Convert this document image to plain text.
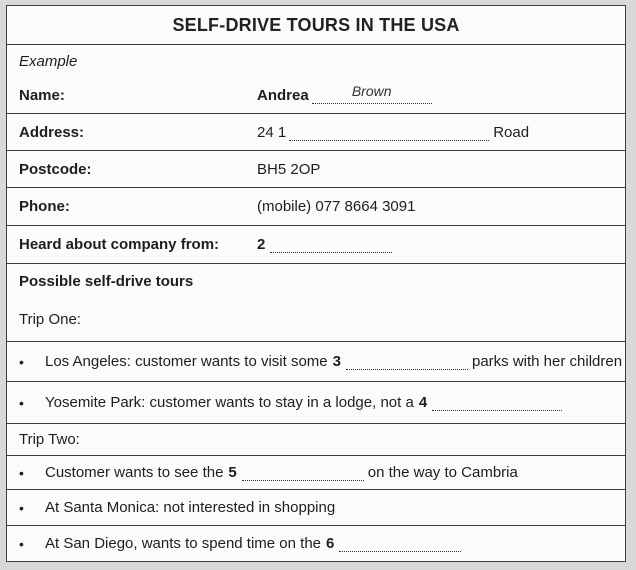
SELF-DRIVE TOURS IN THE USA
Example
Name:	Andrea	Brown
Address:	24 1	Road
Postcode:	BH5 2OP
Phone:	(mobile) 077 8664 3091
Heard about company from:	2
Possible self-drive tours
Trip One:
•	Los Angeles: customer wants to visit some 3	parks with her children
•	Yosemite Park: customer wants to stay in a lodge, not a 4
Trip Two:
•	Customer wants to see the 5	on the way to Cambria
•	At Santa Monica: not interested in shopping
•	At San Diego, wants to spend time on the 6
